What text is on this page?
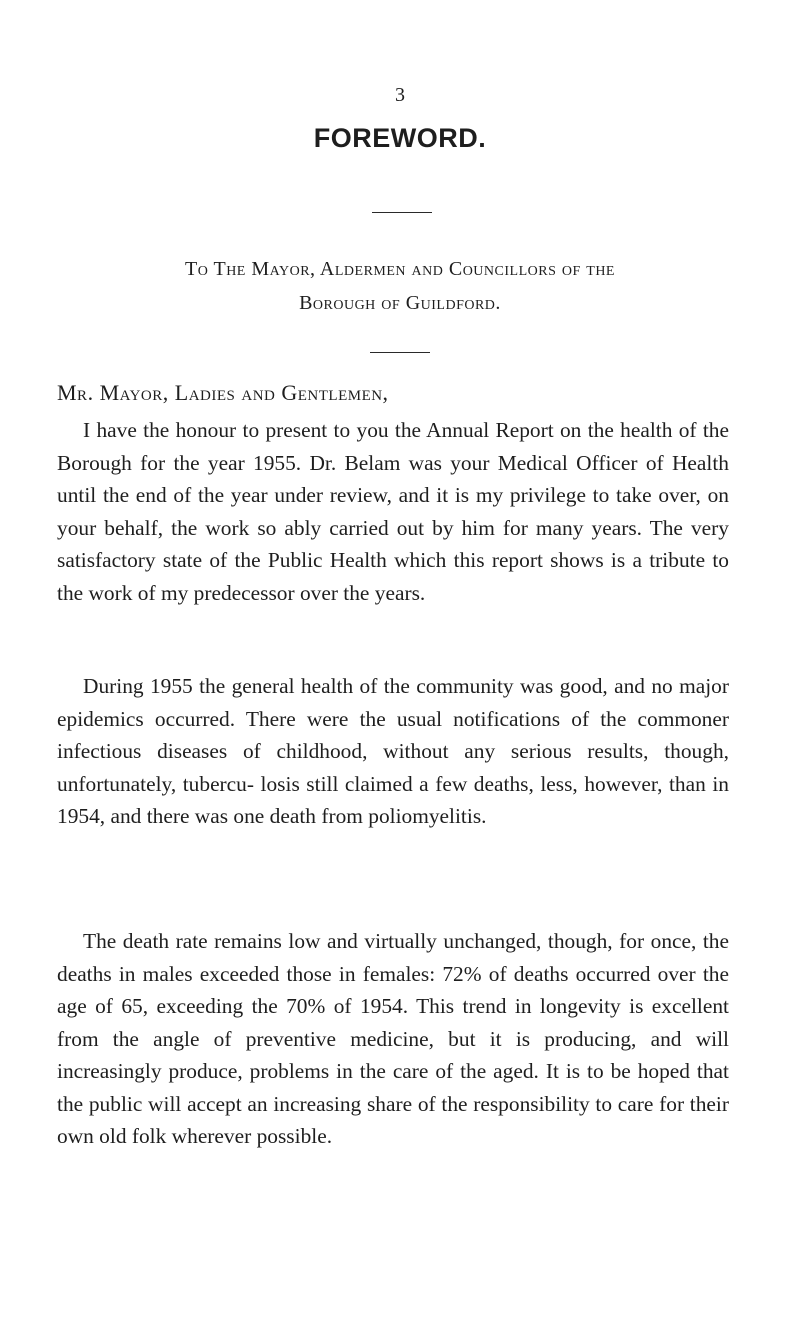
3
FOREWORD.
To The Mayor, Aldermen and Councillors of the
Borough of Guildford.
Mr. Mayor, Ladies and Gentlemen,

I have the honour to present to you the Annual Report on the health of the Borough for the year 1955. Dr. Belam was your Medical Officer of Health until the end of the year under review, and it is my privilege to take over, on your behalf, the work so ably carried out by him for many years. The very satisfactory state of the Public Health which this report shows is a tribute to the work of my predecessor over the years.

During 1955 the general health of the community was good, and no major epidemics occurred. There were the usual notifications of the commoner infectious diseases of childhood, without any serious results, though, unfortunately, tubercu- losis still claimed a few deaths, less, however, than in 1954, and there was one death from poliomyelitis.

The death rate remains low and virtually unchanged, though, for once, the deaths in males exceeded those in females: 72% of deaths occurred over the age of 65, exceeding the 70% of 1954. This trend in longevity is excellent from the angle of preventive medicine, but it is producing, and will increasingly produce, problems in the care of the aged. It is to be hoped that the public will accept an increasing share of the responsibility to care for their own old folk wherever possible.
